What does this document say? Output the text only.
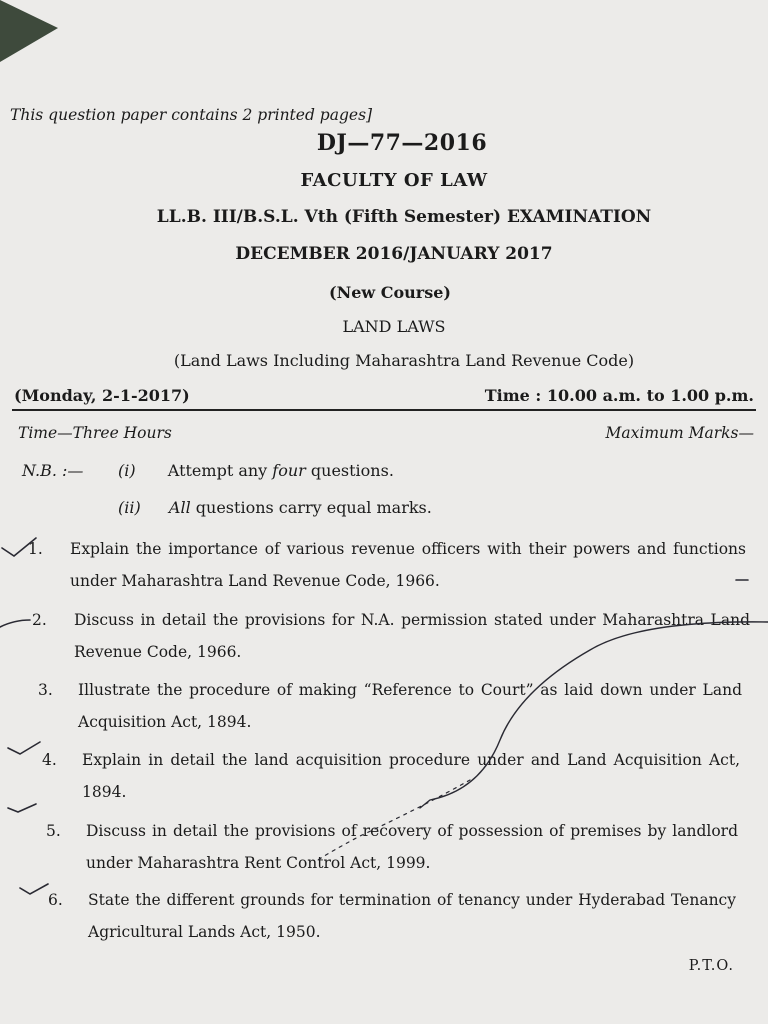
This question paper contains 2 printed pages]
DJ—77—2016
FACULTY OF LAW
LL.B. III/B.S.L. Vth (Fifth Semester) EXAMINATION
DECEMBER 2016/JANUARY 2017
(New Course)
LAND LAWS
(Land Laws Including Maharashtra Land Revenue Code)
(Monday, 2-1-2017)	Time : 10.00 a.m. to 1.00 p.m.
Time—Three Hours	Maximum Marks—
N.B. :— (i) Attempt any four questions.
(ii) All questions carry equal marks.
1. Explain the importance of various revenue officers with their powers and functions under Maharashtra Land Revenue Code, 1966.
2. Discuss in detail the provisions for N.A. permission stated under Maharashtra Land Revenue Code, 1966.
3. Illustrate the procedure of making “Reference to Court” as laid down under Land Acquisition Act, 1894.
4. Explain in detail the land acquisition procedure under and Land Acquisition Act, 1894.
5. Discuss in detail the provisions of recovery of possession of premises by landlord under Maharashtra Rent Control Act, 1999.
6. State the different grounds for termination of tenancy under Hyderabad Tenancy Agricultural Lands Act, 1950.
P.T.O.
